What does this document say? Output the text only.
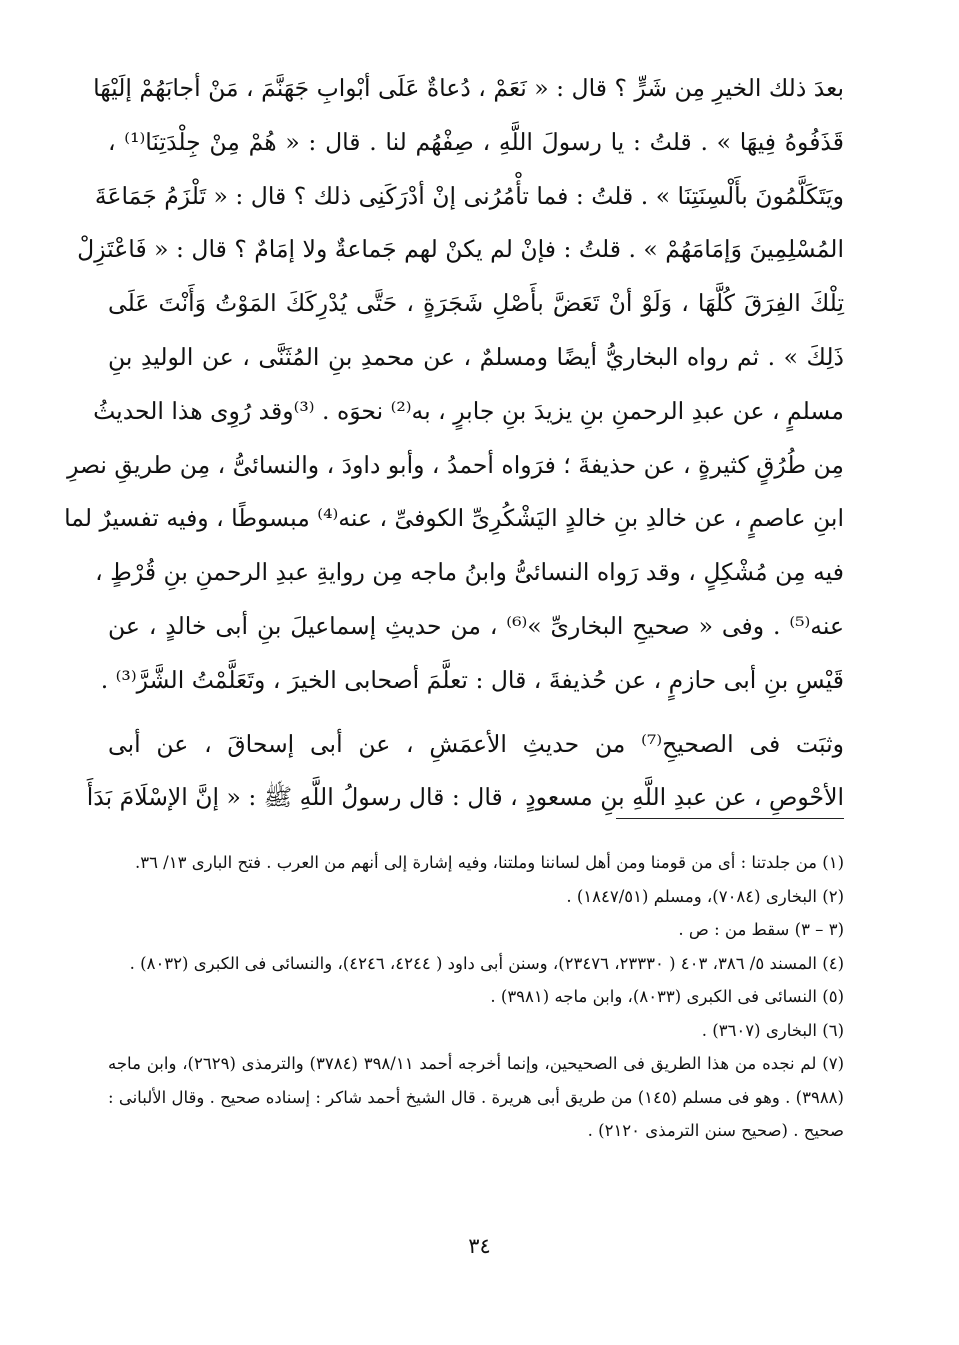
بعدَ ذلك الخيرِ مِن شَرٍّ ؟ قال : « نَعَمْ ، دُعاةٌ عَلَى أبْوابِ جَهَنَّمَ ، مَنْ أجابَهُمْ إلَيْهَا
قَذَفُوهُ فِيهَا » . قلتُ : يا رسولَ اللَّهِ ، صِفْهُم لنا . قال : « هُمْ مِنْ جِلْدَتِنَا⁽¹⁾ ،
ويَتَكَلَّمُونَ بأَلْسِنَتِنَا » . قلتُ : فما تأْمُرُنى إنْ أدْرَكَنِى ذلك ؟ قال : « تَلْزَمُ جَمَاعَةَ
المُسْلِمِينَ وَإمَامَهُمْ » . قلتُ : فإنْ لم يكنْ لهم جَماعةٌ ولا إمَامٌ ؟ قال : « فَاعْتَزِلْ
تِلْكَ الفِرَقَ كُلَّهَا ، وَلَوْ أنْ تَعَضَّ بأَصْلِ شَجَرَةٍ ، حَتَّى يُدْرِكَكَ المَوْتُ وَأَنْتَ عَلَى
ذَلِكَ » . ثم رواه البخاريُّ أيضًا ومسلمٌ ، عن محمدِ بنِ المُثَنَّى ، عن الوليدِ بنِ
مسلمٍ ، عن عبدِ الرحمنِ بنِ يزيدَ بنِ جابرٍ ، به⁽²⁾ نحوَه . ⁽³⁾وقد رُوِى هذا الحديثُ
مِن طُرُقٍ كثيرةٍ ، عن حذيفةَ ؛ فرَواه أحمدُ ، وأبو داودَ ، والنسائىُّ ، مِن طريقِ نصرِ
ابنِ عاصمٍ ، عن خالدِ بنِ خالدٍ اليَشْكُرِىِّ الكوفىِّ ، عنه⁽⁴⁾ مبسوطًا ، وفيه تفسيرٌ لما
فيه مِن مُشْكِلٍ ، وقد رَواه النسائىُّ وابنُ ماجه مِن روايةِ عبدِ الرحمنِ بنِ قُرْطٍ ،
عنه⁽⁵⁾ . وفى « صحيحِ البخارىِّ »⁽⁶⁾ ، من حديثِ إسماعيلَ بنِ أبى خالدٍ ، عن
قَيْسِ بنِ أبى حازمٍ ، عن حُذيفةَ ، قال : تعلَّمَ أصحابى الخيرَ ، وتَعَلَّمْتُ الشَّرَّ⁽³⁾ .

وثبَت فى الصحيحِ⁽⁷⁾ من حديثِ الأعمَشِ ، عن أبى إسحاقَ ، عن أبى
الأحْوصِ ، عن عبدِ اللَّهِ بنِ مسعودٍ ، قال : قال رسولُ اللَّهِ ﷺ : « إنَّ الإسْلَامَ بَدَأَ

(١) من جلدتنا : أى من قومنا ومن أهل لساننا وملتنا، وفيه إشارة إلى أنهم من العرب . فتح البارى ١٣/ ٣٦.
(٢) البخارى (٧٠٨٤)، ومسلم (١٨٤٧/٥١) .
(٣ – ٣) سقط من : ص .
(٤) المسند ٥/ ٣٨٦، ٤٠٣ ( ٢٣٣٣٠، ٢٣٤٧٦)، وسنن أبى داود ( ٤٢٤٤، ٤٢٤٦)، والنسائى فى الكبرى (٨٠٣٢) .
(٥) النسائى فى الكبرى (٨٠٣٣)، وابن ماجه (٣٩٨١) .
(٦) البخارى (٣٦٠٧) .
(٧) لم نجده من هذا الطريق فى الصحيحين، وإنما أخرجه أحمد ٣٩٨/١١ (٣٧٨٤) والترمذى (٢٦٢٩)، وابن ماجه (٣٩٨٨) . وهو فى مسلم (١٤٥) من طريق أبى هريرة . قال الشيخ أحمد شاكر : إسناده صحيح . وقال الألبانى : صحيح . (صحيح سنن الترمذى ٢١٢٠) .
٣٤
